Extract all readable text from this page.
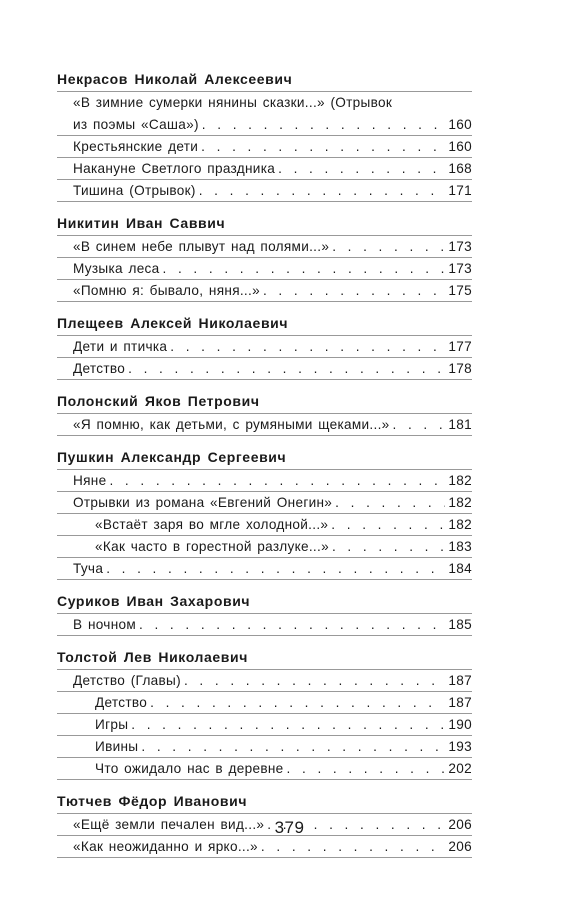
Некрасов Николай Алексеевич
«В зимние сумерки нянины сказки...» (Отрывок
из поэмы «Саша») . . .	160
Крестьянские дети . . .	160
Накануне Светлого праздника . . .	168
Тишина (Отрывок) . . .	171
Никитин Иван Саввич
«В синем небе плывут над полями...» . . .	173
Музыка леса . . .	173
«Помню я: бывало, няня...» . . .	175
Плещеев Алексей Николаевич
Дети и птичка . . .	177
Детство . . .	178
Полонский Яков Петрович
«Я помню, как детьми, с румяными щеками...» . . .	181
Пушкин Александр Сергеевич
Няне . . .	182
Отрывки из романа «Евгений Онегин» . . .	182
«Встаёт заря во мгле холодной...» . . .	182
«Как часто в горестной разлуке...» . . .	183
Туча . . .	184
Суриков Иван Захарович
В ночном . . .	185
Толстой Лев Николаевич
Детство (Главы) . . .	187
Детство . . .	187
Игры . . .	190
Ивины . . .	193
Что ожидало нас в деревне . . .	202
Тютчев Фёдор Иванович
«Ещё земли печален вид...» . . .	206
«Как неожиданно и ярко...» . . .	206
379
